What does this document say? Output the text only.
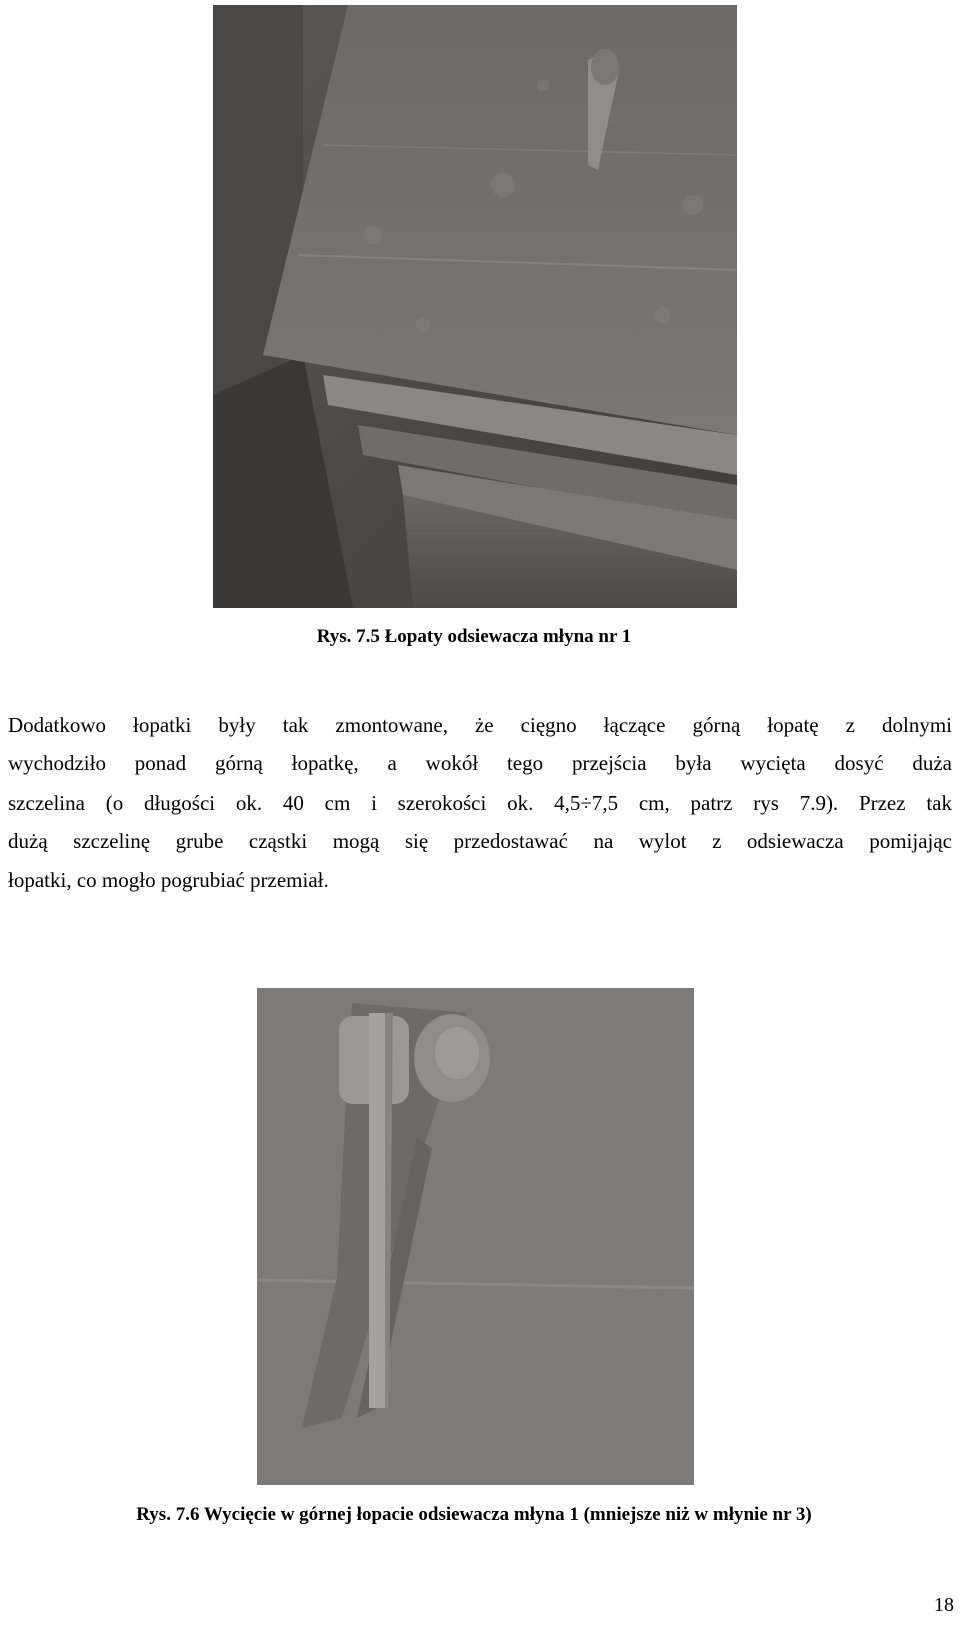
Rys. 7.5 Łopaty odsiewacza młyna nr 1
Dodatkowo łopatki były tak zmontowane, że cięgno łączące górną łopatę z dolnymi
wychodziło ponad górną łopatkę, a wokół tego przejścia była wycięta dosyć duża
szczelina (o długości ok. 40 cm i szerokości ok. 4,5÷7,5 cm, patrz rys 7.9). Przez tak
dużą szczelinę grube cząstki mogą się przedostawać na wylot z odsiewacza pomijając
łopatki, co mogło pogrubiać przemiał.
Rys. 7.6 Wycięcie w górnej łopacie odsiewacza młyna 1 (mniejsze niż w młynie nr 3)
18
